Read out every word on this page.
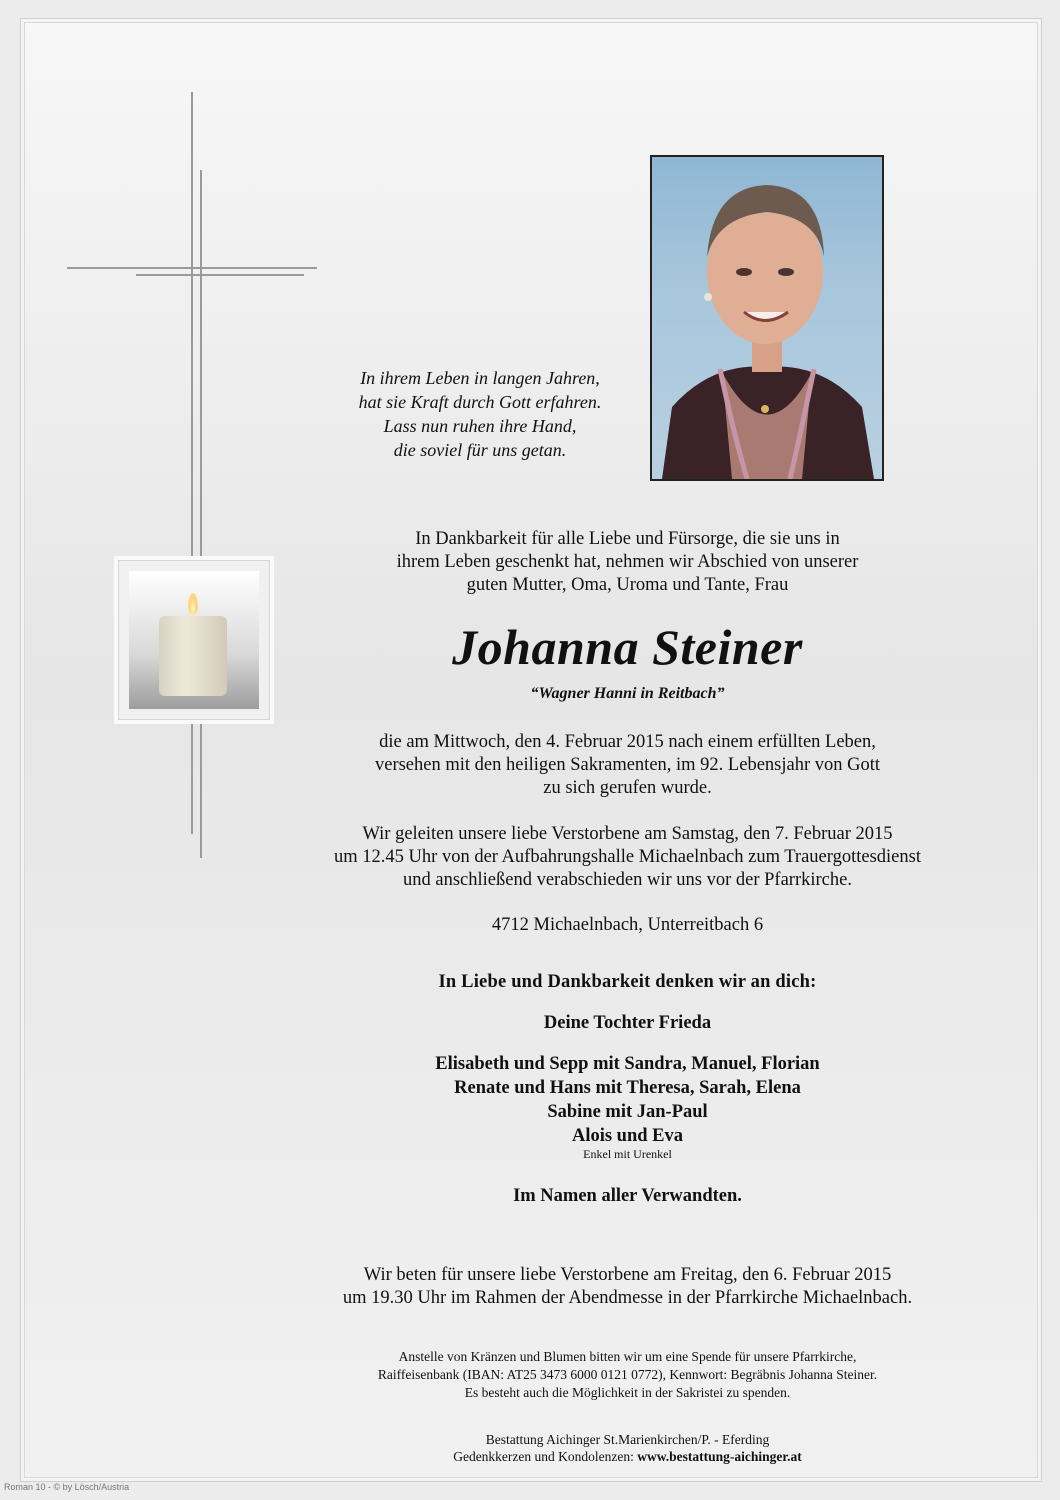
In ihrem Leben in langen Jahren,
hat sie Kraft durch Gott erfahren.
Lass nun ruhen ihre Hand,
die soviel für uns getan.
In Dankbarkeit für alle Liebe und Fürsorge, die sie uns in
ihrem Leben geschenkt hat, nehmen wir Abschied von unserer
guten Mutter, Oma, Uroma und Tante, Frau
Johanna Steiner
“Wagner Hanni in Reitbach”
die am Mittwoch, den 4. Februar 2015 nach einem erfüllten Leben,
versehen mit den heiligen Sakramenten, im 92. Lebensjahr von Gott
zu sich gerufen wurde.
Wir geleiten unsere liebe Verstorbene am Samstag, den 7. Februar 2015
um 12.45 Uhr von der Aufbahrungshalle Michaelnbach zum Trauergottesdienst
und anschließend verabschieden wir uns vor der Pfarrkirche.
4712 Michaelnbach, Unterreitbach 6
In Liebe und Dankbarkeit denken wir an dich:
Deine Tochter Frieda
Elisabeth und Sepp mit Sandra, Manuel, Florian
Renate und Hans mit Theresa, Sarah, Elena
Sabine mit Jan-Paul
Alois und Eva
Enkel mit Urenkel
Im Namen aller Verwandten.
Wir beten für unsere liebe Verstorbene am Freitag, den 6. Februar 2015
um 19.30 Uhr im Rahmen der Abendmesse in der Pfarrkirche Michaelnbach.
Anstelle von Kränzen und Blumen bitten wir um eine Spende für unsere Pfarrkirche,
Raiffeisenbank (IBAN: AT25 3473 6000 0121 0772), Kennwort: Begräbnis Johanna Steiner.
Es besteht auch die Möglichkeit in der Sakristei zu spenden.
Bestattung Aichinger St.Marienkirchen/P. - Eferding
Gedenkkerzen und Kondolenzen: www.bestattung-aichinger.at
Roman 10 - © by Lösch/Austria
